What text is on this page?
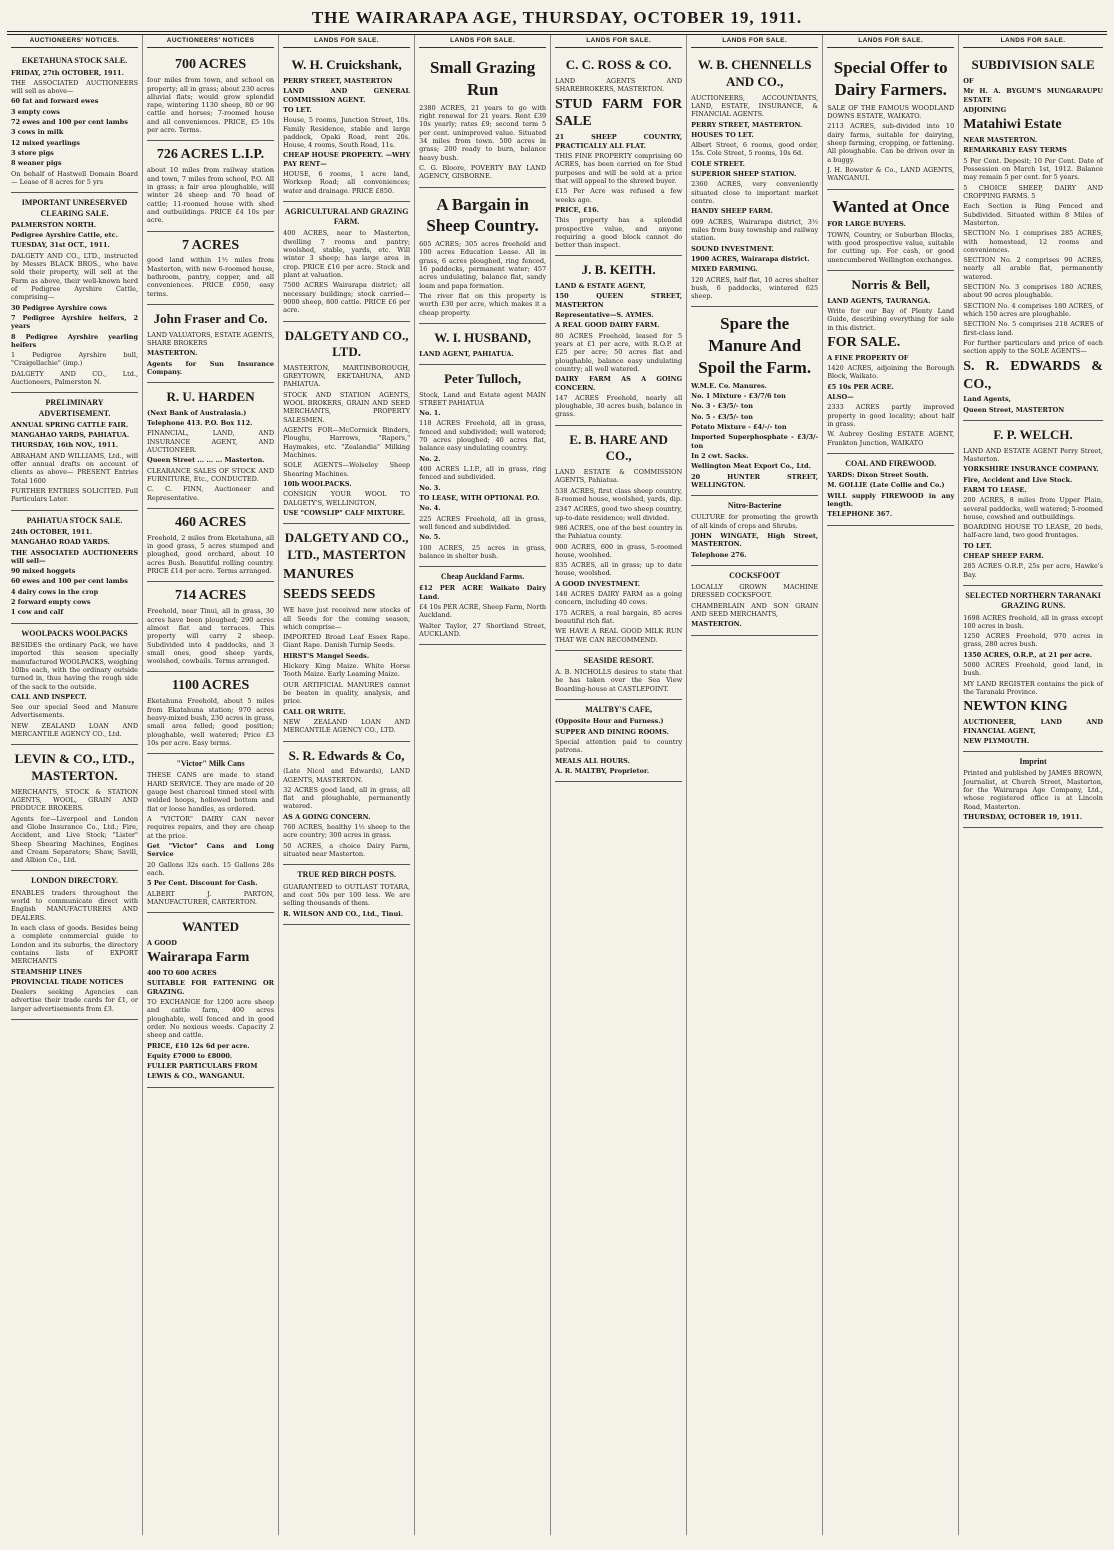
THE WAIRARAPA AGE, THURSDAY, OCTOBER 19, 1911.
AUCTIONEERS' NOTICES.
EKETAHUNA STOCK SALE.

FRIDAY, 27th OCTOBER, 1911.

THE ASSOCIATED AUCTIONEERS will sell as above—

60 fat and forward ewes

3 empty cows

72 ewes and 100 per cent lambs

3 cows in milk

12 mixed yearlings

3 store pigs

8 weaner pigs

On behalf of Hastwell Domain Board— Lease of 8 acres for 5 yrs

IMPORTANT UNRESERVED CLEARING SALE.

PALMERSTON NORTH.

Pedigree Ayrshire Cattle, etc.

TUESDAY, 31st OCT., 1911.

DALGETY AND CO., LTD., instructed by Messrs BLACK BROS., who have sold their property, will sell at the Farm as above, their well-known herd of Pedigree Ayrshire Cattle, comprising—

30 Pedigree Ayrshire cows

7 Pedigree Ayrshire heifers, 2 years

8 Pedigree Ayrshire yearling heifers

1 Pedigree Ayrshire bull, "Craigellachie" (imp.)

DALGETY AND CO., Ltd., Auctioneers, Palmerston N.

PRELIMINARY ADVERTISEMENT.

ANNUAL SPRING CATTLE FAIR.

MANGAHAO YARDS, PAHIATUA.

THURSDAY, 16th NOV., 1911.

ABRAHAM AND WILLIAMS, Ltd., will offer annual drafts on account of clients as above— PRESENT Entries Total 1600

FURTHER ENTRIES SOLICITED. Full Particulars Later.

PAHIATUA STOCK SALE.

24th OCTOBER, 1911.

MANGAHAO ROAD YARDS.

THE ASSOCIATED AUCTIONEERS will sell—

90 mixed hoggets

60 ewes and 100 per cent lambs

4 dairy cows in the crop

2 forward empty cows

1 cow and calf

WOOLPACKS WOOLPACKS

BESIDES the ordinary Pack, we have imported this season specially manufactured WOOLPACKS, weighing 10lbs each, with the ordinary outside turned in, thus having the rough side of the sack to the outside.

CALL AND INSPECT.

See our special Seed and Manure Advertisements.

NEW ZEALAND LOAN AND MERCANTILE AGENCY CO., Ltd.

LEVIN & CO., LTD., MASTERTON.

MERCHANTS, STOCK & STATION AGENTS, WOOL, GRAIN AND PRODUCE BROKERS.

Agents for—Liverpool and London and Globe Insurance Co., Ltd.; Fire, Accident, and Live Stock; "Lister" Sheep Shearing Machines, Engines and Cream Separators; Shaw, Savill, and Albion Co., Ltd.

LONDON DIRECTORY.

ENABLES traders throughout the world to communicate direct with English MANUFACTURERS AND DEALERS.

In each class of goods. Besides being a complete commercial guide to London and its suburbs, the directory contains lists of EXPORT MERCHANTS

STEAMSHIP LINES

PROVINCIAL TRADE NOTICES

Dealers seeking Agencies can advertise their trade cards for £1, or larger advertisements from £3.

AUCTIONEERS' NOTICES
700 ACRES

four miles from town, and school on property; all in grass; about 230 acres alluvial flats; would grow splendid rape, wintering 1130 sheep, 80 or 90 cattle and horses; 7-roomed house and all conveniences. PRICE, £5 10s per acre. Terms.

726 ACRES L.I.P.

about 10 miles from railway station and town, 7 miles from school, P.O. All in grass; a fair area ploughable, will winter 24 sheep and 70 head of cattle; 11-roomed house with shed and outbuildings. PRICE £4 10s per acre.

7 ACRES

good land within 1½ miles from Masterton, with new 6-roomed house, bathroom, pantry, copper, and all conveniences. PRICE £950, easy terms.

John Fraser and Co.

LAND VALUATORS, ESTATE AGENTS, SHARE BROKERS

MASTERTON.

Agents for Sun Insurance Company.

R. U. HARDEN

(Next Bank of Australasia.)

Telephone 413. P.O. Box 112.

FINANCIAL, LAND, AND INSURANCE AGENT, AND AUCTIONEER.

Queen Street ... ... ... Masterton.

CLEARANCE SALES OF STOCK AND FURNITURE, Etc., CONDUCTED.

C. C. FINN, Auctioneer and Representative.

460 ACRES

Freehold, 2 miles from Eketahuna, all in good grass, 5 acres stumped and ploughed, good orchard, about 10 acres Bush. Beautiful rolling country. PRICE £14 per acre. Terms arranged.

714 ACRES

Freehold, near Tinui, all in grass, 30 acres have been ploughed; 290 acres almost flat and terraces. This property will carry 2 sheep. Subdivided into 4 paddocks, and 3 small ones, good sheep yards, woolshed, cowbails. Terms arranged.

1100 ACRES

Eketahuna Freehold, about 5 miles from Ekatahuna station; 970 acres heavy-mixed bush, 230 acres in grass, small area felled; good position; ploughable, well watered; Price £3 10s per acre. Easy terms.

"Victor" Milk Cans

THESE CANS are made to stand HARD SERVICE. They are made of 20 gauge best charcoal tinned steel with welded hoops, hollowed bottom and flat or loose handles, as ordered.

A "VICTOR" DAIRY CAN never requires repairs, and they are cheap at the price.

Get "Victor" Cans and Long Service

20 Gallons 32s each. 15 Gallons 28s each.

5 Per Cent. Discount for Cash.

ALBERT J. PARTON, MANUFACTURER, CARTERTON.

WANTED

A GOOD

Wairarapa Farm

400 TO 600 ACRES

SUITABLE FOR FATTENING OR GRAZING.

TO EXCHANGE for 1200 acre sheep and cattle farm, 400 acres ploughable, well fenced and in good order. No noxious weeds. Capacity 2 sheep and cattle.

PRICE, £10 12s 6d per acre.

Equity £7000 to £8000.

FULLER PARTICULARS FROM

LEWIS & CO., WANGANUI.

LANDS FOR SALE.
W. H. Cruickshank,

PERRY STREET, MASTERTON

LAND AND GENERAL COMMISSION AGENT.

TO LET.

House, 5 rooms, Junction Street, 10s. Family Residence, stable and large paddock, Opaki Road, rent 20s. House, 4 rooms, South Road, 11s.

CHEAP HOUSE PROPERTY. —WHY PAY RENT—

HOUSE, 6 rooms, 1 acre land, Worksop Road; all conveniences; water and drainage. PRICE £850.

AGRICULTURAL AND GRAZING FARM.

400 ACRES, near to Masterton, dwelling 7 rooms and pantry; woolshed, stable, yards, etc. Will winter 3 sheep; has large area in crop. PRICE £16 per acre. Stock and plant at valuation.

7500 ACRES Wairarapa district; all necessary buildings; stock carried—9000 sheep, 800 cattle. PRICE £6 per acre.

DALGETY AND CO., LTD.

MASTERTON, MARTINBOROUGH, GREYTOWN, EKETAHUNA, AND PAHIATUA.

STOCK AND STATION AGENTS, WOOL BROKERS, GRAIN AND SEED MERCHANTS, PROPERTY SALESMEN.

AGENTS FOR—McCormick Binders, Ploughs, Harrows, "Rapers," Haymakes, etc. "Zealandia" Milking Machines.

SOLE AGENTS—Wolseley Sheep Shearing Machines.

10lb WOOLPACKS.

CONSIGN YOUR WOOL TO DALGETY'S, WELLINGTON,

USE "COWSLIP" CALF MIXTURE.

DALGETY AND CO., LTD., MASTERTON

MANURES

SEEDS SEEDS

WE have just received new stocks of all Seeds for the coming season, which comprise—

IMPORTED Broad Leaf Essex Rape. Giant Rape. Danish Turnip Seeds.

HIRST'S Mangel Seeds.

Hickory King Maize. White Horse Tooth Maize. Early Leaming Maize.

OUR ARTIFICIAL MANURES cannot be beaten in quality, analysis, and price.

CALL OR WRITE.

NEW ZEALAND LOAN AND MERCANTILE AGENCY CO., LTD.

S. R. Edwards & Co,

(Late Nicol and Edwards), LAND AGENTS, MASTERTON.

32 ACRES good land, all in grass, all flat and ploughable, permanently watered.

AS A GOING CONCERN.

760 ACRES, healthy 1½ sheep to the acre country; 300 acres in grass.

50 ACRES, a choice Dairy Farm, situated near Masterton.

TRUE RED BIRCH POSTS.

GUARANTEED to OUTLAST TOTARA, and cost 50s per 100 less. We are selling thousands of them.

R. WILSON AND CO., Ltd., Tinui.

LANDS FOR SALE.
Small Grazing Run

2380 ACRES, 21 years to go with right renewal for 21 years. Rent £39 10s yearly; rates £9; second term 5 per cent. unimproved value. Situated 34 miles from town. 500 acres in grass; 200 ready to burn, balance heavy bush.

C. G. Bloore, POVERTY BAY LAND AGENCY, GISBORNE.

A Bargain in Sheep Country.

605 ACRES; 305 acres freehold and 100 acres Education Lease. All in grass, 6 acres ploughed, ring fenced, 16 paddocks, permanent water; 457 acres undulating, balance flat, sandy loam and papa formation.

The river flat on this property is worth £30 per acre, which makes it a cheap property.

W. I. HUSBAND,

LAND AGENT, PAHIATUA.

Peter Tulloch,

Stock, Land and Estate agent MAIN STREET PAHIATUA

No. 1.

118 ACRES Freehold, all in grass, fenced and subdivided; well watered; 70 acres ploughed; 40 acres flat, balance easy undulating country.

No. 2.

400 ACRES L.I.P., all in grass, ring fenced and subdivided.

No. 3.

TO LEASE, WITH OPTIONAL P.O.

No. 4.

225 ACRES Freehold, all in grass, well fenced and subdivided.

No. 5.

100 ACRES, 25 acres in grass, balance in shelter bush.

Cheap Auckland Farms.

£12 PER ACRE Waikato Dairy Land.

£4 10s PER ACRE, Sheep Farm, North Auckland.

Walter Taylor, 27 Shortland Street, AUCKLAND.

LANDS FOR SALE.
C. C. ROSS & CO.

LAND AGENTS AND SHAREBROKERS, MASTERTON.

STUD FARM FOR SALE

21 SHEEP COUNTRY, PRACTICALLY ALL FLAT.

THIS FINE PROPERTY comprising 60 ACRES, has been carried on for Stud purposes and will be sold at a price that will appeal to the shrewd buyer.

£15 Per Acre was refused a few weeks ago.

PRICE, £16.

This property has a splendid prospective value, and anyone requiring a good block cannot do better than inspect.

J. B. KEITH.

LAND & ESTATE AGENT,

150 QUEEN STREET, MASTERTON

Representative—S. AYMES.

A REAL GOOD DAIRY FARM.

80 ACRES Freehold, leased for 5 years at £1 per acre, with R.O.P. at £25 per acre; 50 acres flat and ploughable, balance easy undulating country; all well watered.

DAIRY FARM AS A GOING CONCERN.

147 ACRES Freehold, nearly all ploughable, 30 acres bush, balance in grass.

E. B. HARE AND CO.,

LAND ESTATE & COMMISSION AGENTS, Pahiatua.

538 ACRES, first class sheep country, 8-roomed house, woolshed, yards, dip.

2347 ACRES, good two sheep country, up-to-date residence; well divided.

986 ACRES, one of the best country in the Pahiatua county.

900 ACRES, 600 in grass, 5-roomed house, woolshed.

835 ACRES, all in grass; up to date house, woolshed.

A GOOD INVESTMENT.

148 ACRES DAIRY FARM as a going concern, including 40 cows.

175 ACRES, a real bargain, 85 acres beautiful rich flat.

WE HAVE A REAL GOOD MILK RUN THAT WE CAN RECOMMEND.

SEASIDE RESORT.

A. B. NICHOLLS desires to state that he has taken over the Sea View Boarding-house at CASTLEPOINT.

MALTBY'S CAFE,

(Opposite Hour and Furness.)

SUPPER AND DINING ROOMS.

Special attention paid to country patrons.

MEALS ALL HOURS.

A. R. MALTBY, Proprietor.

LANDS FOR SALE.
W. B. CHENNELLS AND CO.,

AUCTIONEERS, ACCOUNTANTS, LAND, ESTATE, INSURANCE, & FINANCIAL AGENTS.

PERRY STREET, MASTERTON.

HOUSES TO LET.

Albert Street, 6 rooms, good order, 15s. Cole Street, 5 rooms, 10s 6d.

COLE STREET.

SUPERIOR SHEEP STATION.

2360 ACRES, very conveniently situated close to important market centre.

HANDY SHEEP FARM.

699 ACRES, Wairarapa district, 3½ miles from busy township and railway station.

SOUND INVESTMENT.

1900 ACRES, Wairarapa district.

MIXED FARMING.

120 ACRES, half flat, 10 acres shelter bush, 6 paddocks, wintered 625 sheep.

Spare the Manure And Spoil the Farm.

W.M.E. Co. Manures.

No. 1 Mixture - £3/7/6 ton

No. 3 - £3/5/- ton

No. 5 - £3/5/- ton

Potato Mixture - £4/-/- ton

Imported Superphosphate - £3/3/- ton

In 2 cwt. Sacks.

Wellington Meat Export Co., Ltd.

20 HUNTER STREET, WELLINGTON.

Nitro-Bacterine

CULTURE for promoting the growth of all kinds of crops and Shrubs.

JOHN WINGATE, High Street, MASTERTON.

Telephone 276.

COCKSFOOT

LOCALLY GROWN MACHINE DRESSED COCKSFOOT.

CHAMBERLAIN AND SON GRAIN AND SEED MERCHANTS,

MASTERTON.

LANDS FOR SALE.
Special Offer to Dairy Farmers.

SALE OF THE FAMOUS WOODLAND DOWNS ESTATE, WAIKATO.

2113 ACRES, sub-divided into 10 dairy farms, suitable for dairying, sheep farming, cropping, or fattening. All ploughable. Can be driven over in a buggy.

J. H. Bowater & Co., LAND AGENTS, WANGANUI.

Wanted at Once

FOR LARGE BUYERS.

TOWN, Country, or Suburban Blocks, with good prospective value, suitable for cutting up. For cash, or good unencumbered Wellington exchanges.

Norris & Bell,

LAND AGENTS, TAURANGA.

Write for our Bay of Plenty Land Guide, describing everything for sale in this district.

FOR SALE.

A FINE PROPERTY OF

1420 ACRES, adjoining the Borough Block, Waikato.

£5 10s PER ACRE.

ALSO—

2333 ACRES partly improved property in good locality; about half in grass.

W. Aubrey Gosling ESTATE AGENT, Frankton Junction, WAIKATO

COAL AND FIREWOOD.

YARDS: Dixon Street South.

M. GOLLIE (Late Collie and Co.)

WILL supply FIREWOOD in any length.

TELEPHONE 367.

LANDS FOR SALE.
SUBDIVISION SALE

OF

Mr H. A. BYGUM'S MUNGARAUPU ESTATE

ADJOINING

Matahiwi Estate

NEAR MASTERTON.

REMARKABLY EASY TERMS

5 Per Cent. Deposit; 10 Per Cent. Date of Possession on March 1st, 1912. Balance may remain 5 per cent. for 5 years.

5 CHOICE SHEEP, DAIRY AND CROPPING FARMS. 5

Each Section is Ring Fenced and Subdivided. Situated within 8 Miles of Masterton.

SECTION No. 1 comprises 285 ACRES, with homestead, 12 rooms and conveniences.

SECTION No. 2 comprises 90 ACRES, nearly all arable flat, permanently watered.

SECTION No. 3 comprises 180 ACRES, about 90 acres ploughable.

SECTION No. 4 comprises 180 ACRES, of which 150 acres are ploughable.

SECTION No. 5 comprises 218 ACRES of first-class land.

For further particulars and price of each section apply to the SOLE AGENTS—

S. R. EDWARDS & CO.,

Land Agents,

Queen Street, MASTERTON

F. P. WELCH.

LAND AND ESTATE AGENT Perry Street, Masterton.

YORKSHIRE INSURANCE COMPANY.

Fire, Accident and Live Stock.

FARM TO LEASE.

200 ACRES, 8 miles from Upper Plain, several paddocks, well watered; 5-roomed house, cowshed and outbuildings.

BOARDING HOUSE TO LEASE, 20 beds, half-acre land, two good frontages.

TO LET.

CHEAP SHEEP FARM.

285 ACRES O.R.P., 25s per acre, Hawke's Bay.

SELECTED NORTHERN TARANAKI GRAZING RUNS.

1698 ACRES freehold, all in grass except 100 acres in bush.

1250 ACRES Freehold, 970 acres in grass, 280 acres bush.

1350 ACRES, O.R.P., at 21 per acre.

5000 ACRES Freehold, good land, in bush.

MY LAND REGISTER contains the pick of the Taranaki Province.

NEWTON KING

AUCTIONEER, LAND AND FINANCIAL AGENT,

NEW PLYMOUTH.

Imprint

Printed and published by JAMES BROWN, Journalist, at Church Street, Masterton, for the Wairarapa Age Company, Ltd., whose registered office is at Lincoln Road, Masterton.

THURSDAY, OCTOBER 19, 1911.
